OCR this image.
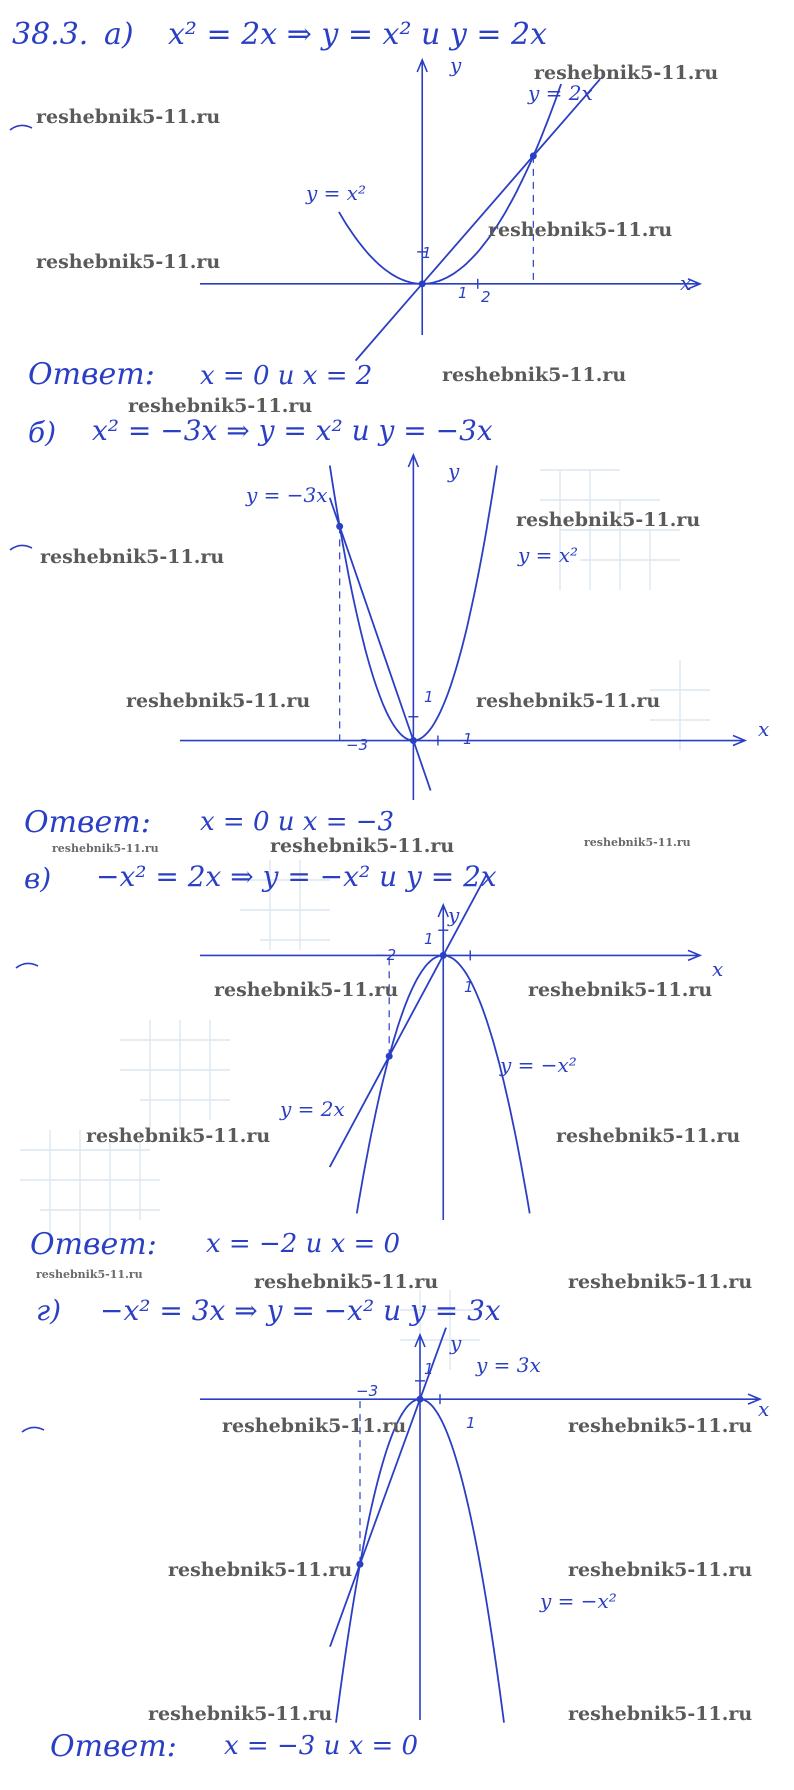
38.3. а) x² = 2x ⇒ y = x² и y = 2x
y = 2x
y = x²
y
x
1
1 2
Ответ: x = 0 и x = 2
б) x² = −3x ⇒ y = x² и y = −3x
y = −3x
y = x²
y
x
1
1
−3
Ответ: x = 0 и x = −3
в) −x² = 2x ⇒ y = −x² и y = 2x
y = −x²
y = 2x
y
x
1
1
−2
Ответ: x = −2 и x = 0
г) −x² = 3x ⇒ y = −x² и y = 3x
y = 3x
y = −x²
y
x
1
1
−3
Ответ: x = −3 и x = 0
reshebnik5-11.ru
reshebnik5-11.ru
reshebnik5-11.ru
reshebnik5-11.ru
reshebnik5-11.ru
reshebnik5-11.ru
reshebnik5-11.ru
reshebnik5-11.ru
reshebnik5-11.ru	reshebnik5-11.ru
reshebnik5-11.ru	reshebnik5-11.ru	reshebnik5-11.ru
reshebnik5-11.ru	reshebnik5-11.ru
reshebnik5-11.ru	reshebnik5-11.ru
reshebnik5-11.ru	reshebnik5-11.ru	reshebnik5-11.ru
reshebnik5-11.ru	reshebnik5-11.ru
reshebnik5-11.ru	reshebnik5-11.ru
reshebnik5-11.ru	reshebnik5-11.ru
